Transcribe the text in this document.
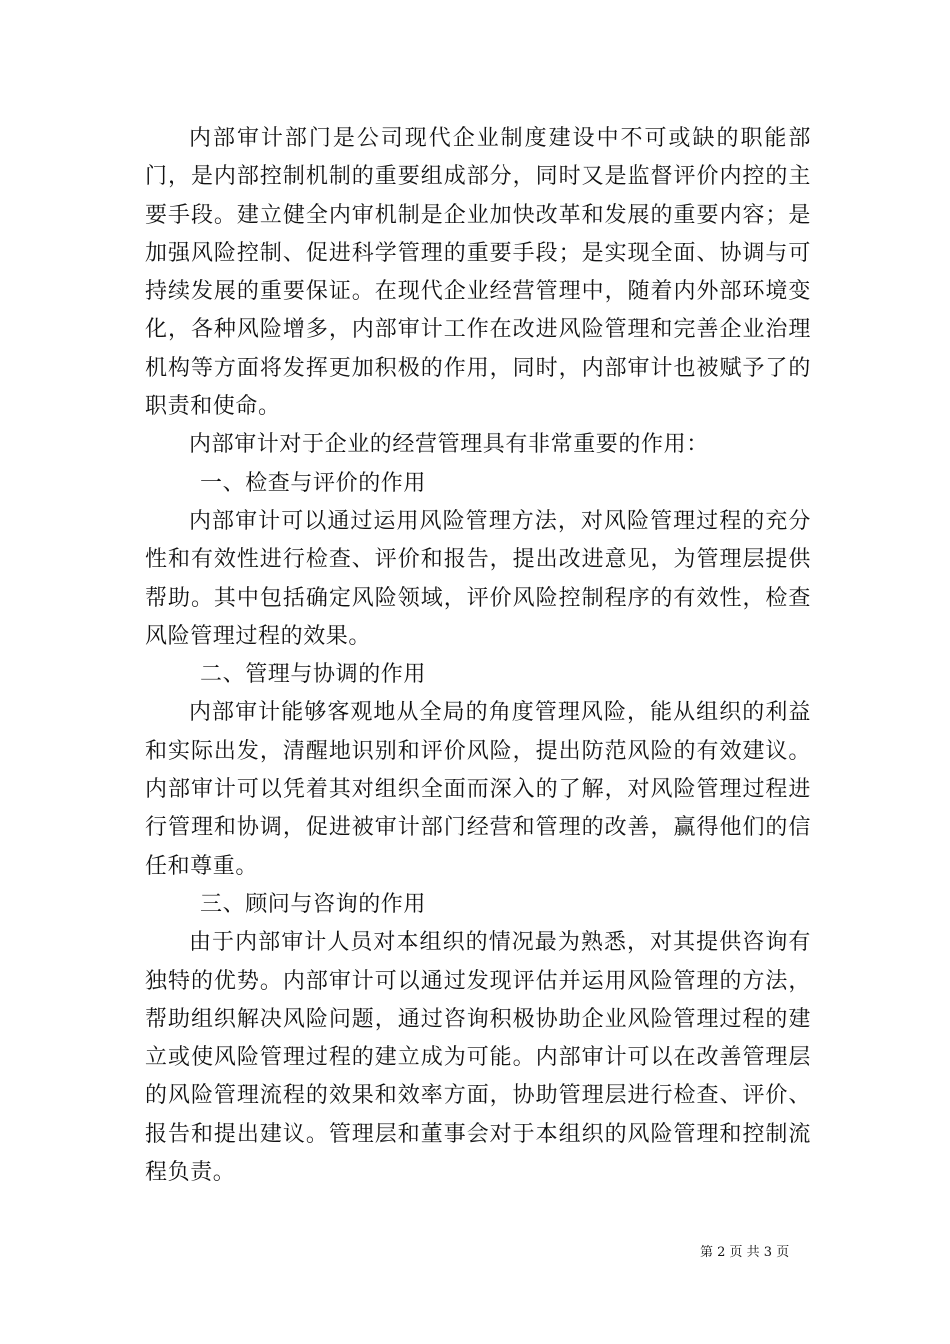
内部审计部门是公司现代企业制度建设中不可或缺的职能部门，是内部控制机制的重要组成部分，同时又是监督评价内控的主要手段。建立健全内审机制是企业加快改革和发展的重要内容；是加强风险控制、促进科学管理的重要手段；是实现全面、协调与可持续发展的重要保证。在现代企业经营管理中，随着内外部环境变化，各种风险增多，内部审计工作在改进风险管理和完善企业治理机构等方面将发挥更加积极的作用，同时，内部审计也被赋予了的职责和使命。

内部审计对于企业的经营管理具有非常重要的作用：

一、检查与评价的作用

内部审计可以通过运用风险管理方法，对风险管理过程的充分性和有效性进行检查、评价和报告，提出改进意见，为管理层提供帮助。其中包括确定风险领域，评价风险控制程序的有效性，检查风险管理过程的效果。

二、管理与协调的作用

内部审计能够客观地从全局的角度管理风险，能从组织的利益和实际出发，清醒地识别和评价风险，提出防范风险的有效建议。内部审计可以凭着其对组织全面而深入的了解，对风险管理过程进行管理和协调，促进被审计部门经营和管理的改善，赢得他们的信任和尊重。

三、顾问与咨询的作用

由于内部审计人员对本组织的情况最为熟悉，对其提供咨询有独特的优势。内部审计可以通过发现评估并运用风险管理的方法，帮助组织解决风险问题，通过咨询积极协助企业风险管理过程的建立或使风险管理过程的建立成为可能。内部审计可以在改善管理层的风险管理流程的效果和效率方面，协助管理层进行检查、评价、报告和提出建议。管理层和董事会对于本组织的风险管理和控制流程负责。

第 2 页 共 3 页
